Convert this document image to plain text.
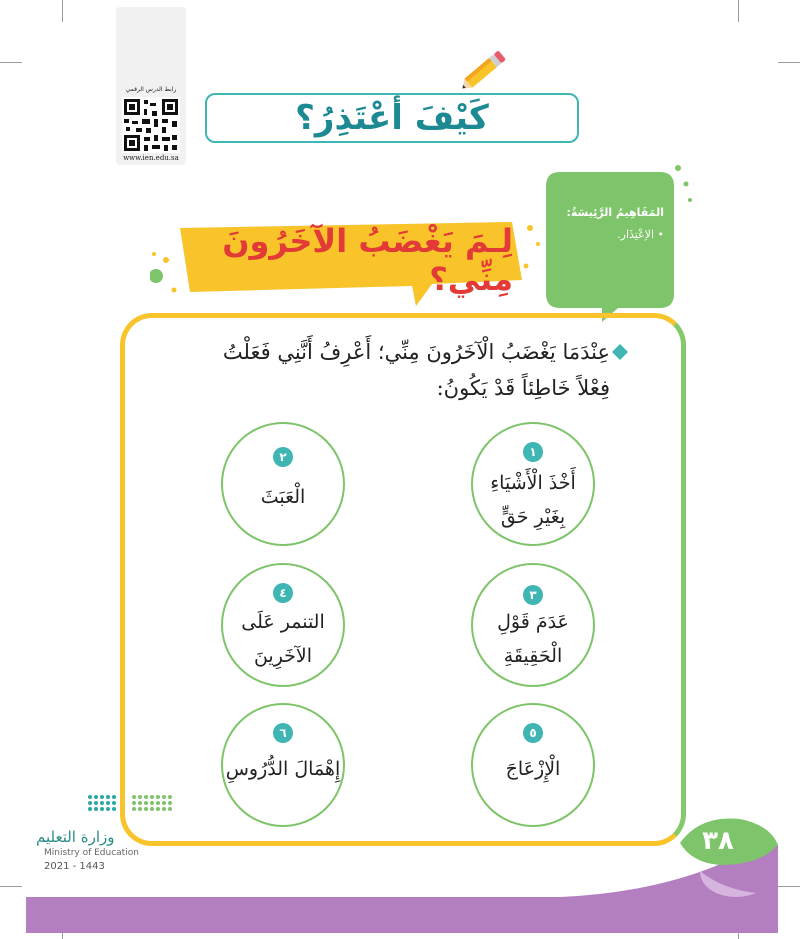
رابط الدرس الرقمي
www.ien.edu.sa
كَيْفَ أعْتَذِرُ؟
المَفَاهِيمُ الرَّئِيسَةُ:
• الاِعْتِذَار.
لِـمَ يَغْضَبُ الآخَرُونَ مِنِّي؟
عِنْدَمَا يَغْضَبُ الْآخَرُونَ مِنِّي؛ أَعْرِفُ أَنَّنِي فَعَلْتُ
فِعْلاً خَاطِئاً قَدْ يَكُونُ:
١
أَخْذَ الْأَشْيَاءِ
بِغَيْرِ حَقٍّ
٢
الْعَبَثَ
٣
عَدَمَ قَوْلِ
الْحَقِيقَةِ
٤
التنمر عَلَى
الآخَرِينَ
٥
الْإِزْعَاجَ
٦
إِهْمَالَ الدُّرُوسِ
٣٨
وزارة التعليم
Ministry of Education
2021 - 1443
